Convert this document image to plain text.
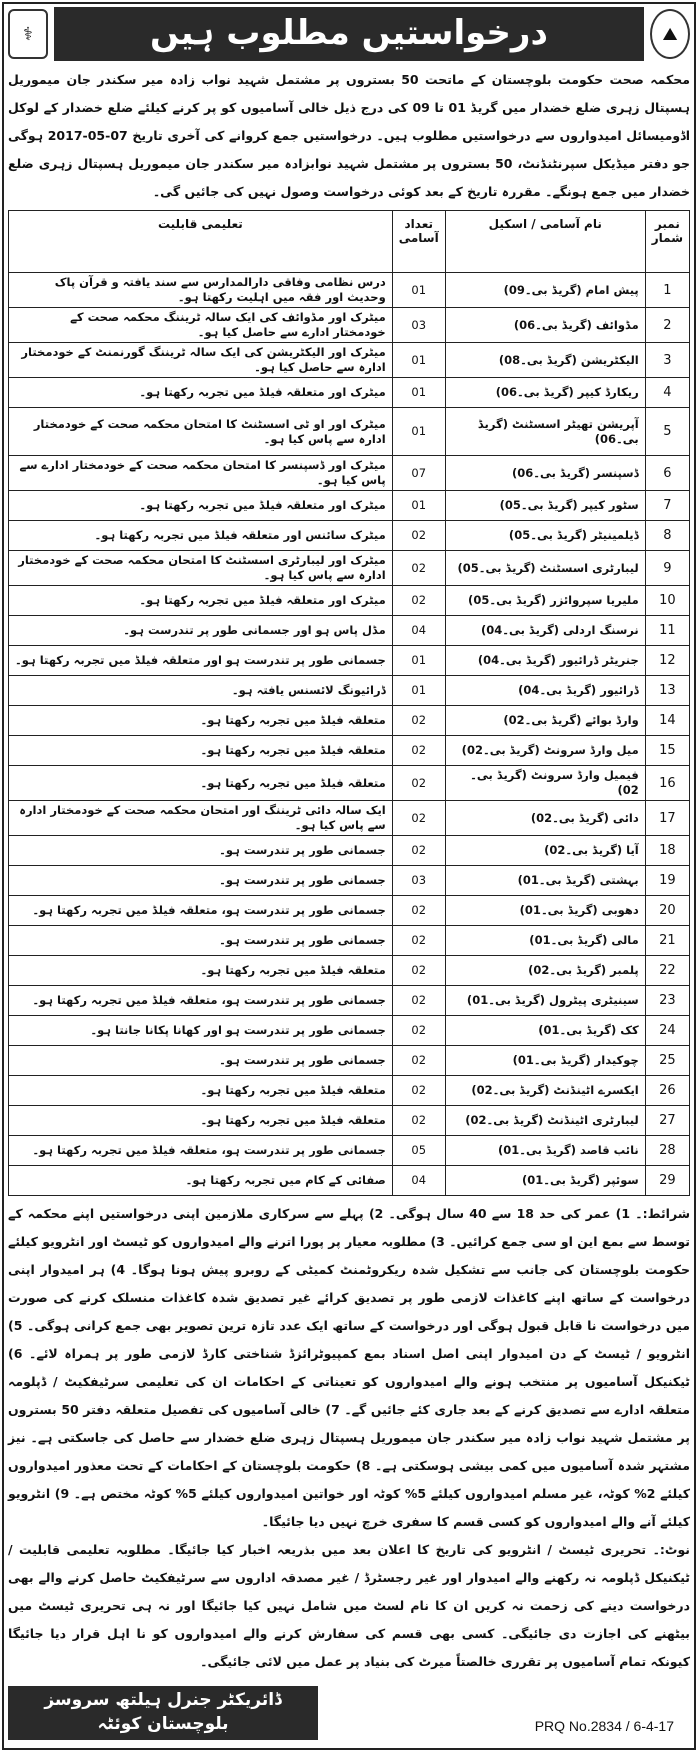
⚕	درخواستیں مطلوب ہیں	⛰

محکمہ صحت حکومت بلوچستان کے ماتحت 50 بستروں پر مشتمل شہید نواب زادہ میر سکندر جان میموریل ہسپتال زہری ضلع خضدار میں گریڈ 01 تا 09 کی درج ذیل خالی آسامیوں کو پر کرنے کیلئے ضلع خضدار کے لوکل اڈومیسائل امیدواروں سے درخواستیں مطلوب ہیں۔ درخواستیں جمع کروانے کی آخری تاریخ 07-05-2017 ہوگی جو دفتر میڈیکل سپرنٹنڈنٹ، 50 بستروں پر مشتمل شہید نوابزادہ میر سکندر جان میموریل ہسپتال زہری ضلع خضدار میں جمع ہونگے۔ مقررہ تاریخ کے بعد کوئی درخواست وصول نہیں کی جائیں گی۔

نمبر شمار	نام آسامی / اسکیل	تعداد آسامی	تعلیمی قابلیت
1	پیش امام (گریڈ بی۔09)	01	درس نظامی وفاقی دارالمدارس سے سند یافتہ و قرآن پاک وحدیث اور فقہ میں اہلیت رکھتا ہو۔
2	مڈوائف (گریڈ بی۔06)	03	میٹرک اور مڈوائف کی ایک سالہ ٹریننگ محکمہ صحت کے خودمختار ادارے سے حاصل کیا ہو۔
3	الیکٹریشن (گریڈ بی۔08)	01	میٹرک اور الیکٹریشن کی ایک سالہ ٹریننگ گورنمنٹ کے خودمختار ادارہ سے حاصل کیا ہو۔
4	ریکارڈ کیپر (گریڈ بی۔06)	01	میٹرک اور متعلقہ فیلڈ میں تجربہ رکھتا ہو۔
5	آپریشن تھیٹر اسسٹنٹ (گریڈ بی۔06)	01	میٹرک اور او ٹی اسسٹنٹ کا امتحان محکمہ صحت کے خودمختار ادارہ سے پاس کیا ہو۔
6	ڈسپنسر (گریڈ بی۔06)	07	میٹرک اور ڈسپنسر کا امتحان محکمہ صحت کے خودمختار ادارے سے پاس کیا ہو۔
7	سٹور کیپر (گریڈ بی۔05)	01	میٹرک اور متعلقہ فیلڈ میں تجربہ رکھتا ہو۔
8	ڈیلمینیٹر (گریڈ بی۔05)	02	میٹرک سائنس اور متعلقہ فیلڈ میں تجربہ رکھتا ہو۔
9	لیبارٹری اسسٹنٹ (گریڈ بی۔05)	02	میٹرک اور لیبارٹری اسسٹنٹ کا امتحان محکمہ صحت کے خودمختار ادارہ سے پاس کیا ہو۔
10	ملیریا سپروائزر (گریڈ بی۔05)	02	میٹرک اور متعلقہ فیلڈ میں تجربہ رکھتا ہو۔
11	نرسنگ اردلی (گریڈ بی۔04)	04	مڈل پاس ہو اور جسمانی طور پر تندرست ہو۔
12	جنریٹر ڈرائیور (گریڈ بی۔04)	01	جسمانی طور پر تندرست ہو اور متعلقہ فیلڈ میں تجربہ رکھتا ہو۔
13	ڈرائیور (گریڈ بی۔04)	01	ڈرائیونگ لائسنس یافتہ ہو۔
14	وارڈ بوائے (گریڈ بی۔02)	02	متعلقہ فیلڈ میں تجربہ رکھتا ہو۔
15	میل وارڈ سرونٹ (گریڈ بی۔02)	02	متعلقہ فیلڈ میں تجربہ رکھتا ہو۔
16	فیمیل وارڈ سرونٹ (گریڈ بی۔02)	02	متعلقہ فیلڈ میں تجربہ رکھتا ہو۔
17	دائی (گریڈ بی۔02)	02	ایک سالہ دائی ٹریننگ اور امتحان محکمہ صحت کے خودمختار ادارہ سے پاس کیا ہو۔
18	آیا (گریڈ بی۔02)	02	جسمانی طور پر تندرست ہو۔
19	بہشتی (گریڈ بی۔01)	03	جسمانی طور پر تندرست ہو۔
20	دھوبی (گریڈ بی۔01)	02	جسمانی طور پر تندرست ہو، متعلقہ فیلڈ میں تجربہ رکھتا ہو۔
21	مالی (گریڈ بی۔01)	02	جسمانی طور پر تندرست ہو۔
22	پلمبر (گریڈ بی۔02)	02	متعلقہ فیلڈ میں تجربہ رکھتا ہو۔
23	سینیٹری پیٹرول (گریڈ بی۔01)	02	جسمانی طور پر تندرست ہو، متعلقہ فیلڈ میں تجربہ رکھتا ہو۔
24	کک (گریڈ بی۔01)	02	جسمانی طور پر تندرست ہو اور کھانا پکانا جانتا ہو۔
25	چوکیدار (گریڈ بی۔01)	02	جسمانی طور پر تندرست ہو۔
26	ایکسرے اٹینڈنٹ (گریڈ بی۔02)	02	متعلقہ فیلڈ میں تجربہ رکھتا ہو۔
27	لیبارٹری اٹینڈنٹ (گریڈ بی۔02)	02	متعلقہ فیلڈ میں تجربہ رکھتا ہو۔
28	نائب قاصد (گریڈ بی۔01)	05	جسمانی طور پر تندرست ہو، متعلقہ فیلڈ میں تجربہ رکھتا ہو۔
29	سوئپر (گریڈ بی۔01)	04	صفائی کے کام میں تجربہ رکھتا ہو۔

شرائط:۔ 1) عمر کی حد 18 سے 40 سال ہوگی۔ 2) پہلے سے سرکاری ملازمین اپنی درخواستیں اپنے محکمہ کے توسط سے بمع این او سی جمع کرائیں۔ 3) مطلوبہ معیار پر پورا اترنے والے امیدواروں کو ٹیسٹ اور انٹرویو کیلئے حکومت بلوچستان کی جانب سے تشکیل شدہ ریکروٹمنٹ کمیٹی کے روبرو پیش ہونا ہوگا۔ 4) ہر امیدوار اپنی درخواست کے ساتھ اپنے کاغذات لازمی طور پر تصدیق کرائے غیر تصدیق شدہ کاغذات منسلک کرنے کی صورت میں درخواست نا قابل قبول ہوگی اور درخواست کے ساتھ ایک عدد تازہ ترین تصویر بھی جمع کرانی ہوگی۔ 5) انٹرویو / ٹیسٹ کے دن امیدوار اپنی اصل اسناد بمع کمپیوٹرائزڈ شناختی کارڈ لازمی طور پر ہمراہ لائے۔ 6) ٹیکنیکل آسامیوں پر منتخب ہونے والے امیدواروں کو تعیناتی کے احکامات ان کی تعلیمی سرٹیفکیٹ / ڈپلومہ متعلقہ ادارے سے تصدیق کرنے کے بعد جاری کئے جائیں گے۔ 7) خالی آسامیوں کی تفصیل متعلقہ دفتر 50 بستروں پر مشتمل شہید نواب زادہ میر سکندر جان میموریل ہسپتال زہری ضلع خضدار سے حاصل کی جاسکتی ہے۔ نیز مشتہر شدہ آسامیوں میں کمی بیشی ہوسکتی ہے۔ 8) حکومت بلوچستان کے احکامات کے تحت معذور امیدواروں کیلئے 2% کوٹہ، غیر مسلم امیدواروں کیلئے 5% کوٹہ اور خواتین امیدواروں کیلئے 5% کوٹہ مختص ہے۔ 9) انٹرویو کیلئے آنے والے امیدواروں کو کسی قسم کا سفری خرچ نہیں دیا جائیگا۔

نوٹ:۔ تحریری ٹیسٹ / انٹرویو کی تاریخ کا اعلان بعد میں بذریعہ اخبار کیا جائیگا۔ مطلوبہ تعلیمی قابلیت / ٹیکنیکل ڈپلومہ نہ رکھنے والے امیدوار اور غیر رجسٹرڈ / غیر مصدقہ اداروں سے سرٹیفکیٹ حاصل کرنے والے بھی درخواست دینے کی زحمت نہ کریں ان کا نام لسٹ میں شامل نہیں کیا جائیگا اور نہ ہی تحریری ٹیسٹ میں بیٹھنے کی اجازت دی جائیگی۔ کسی بھی قسم کی سفارش کرنے والے امیدواروں کو نا اہل قرار دیا جائیگا کیونکہ تمام آسامیوں پر تقرری خالصتاً میرٹ کی بنیاد پر عمل میں لائی جائیگی۔

ڈائریکٹر جنرل ہیلتھ سروسز
بلوچستان کوئٹہ	PRQ No.2834 / 6-4-17
